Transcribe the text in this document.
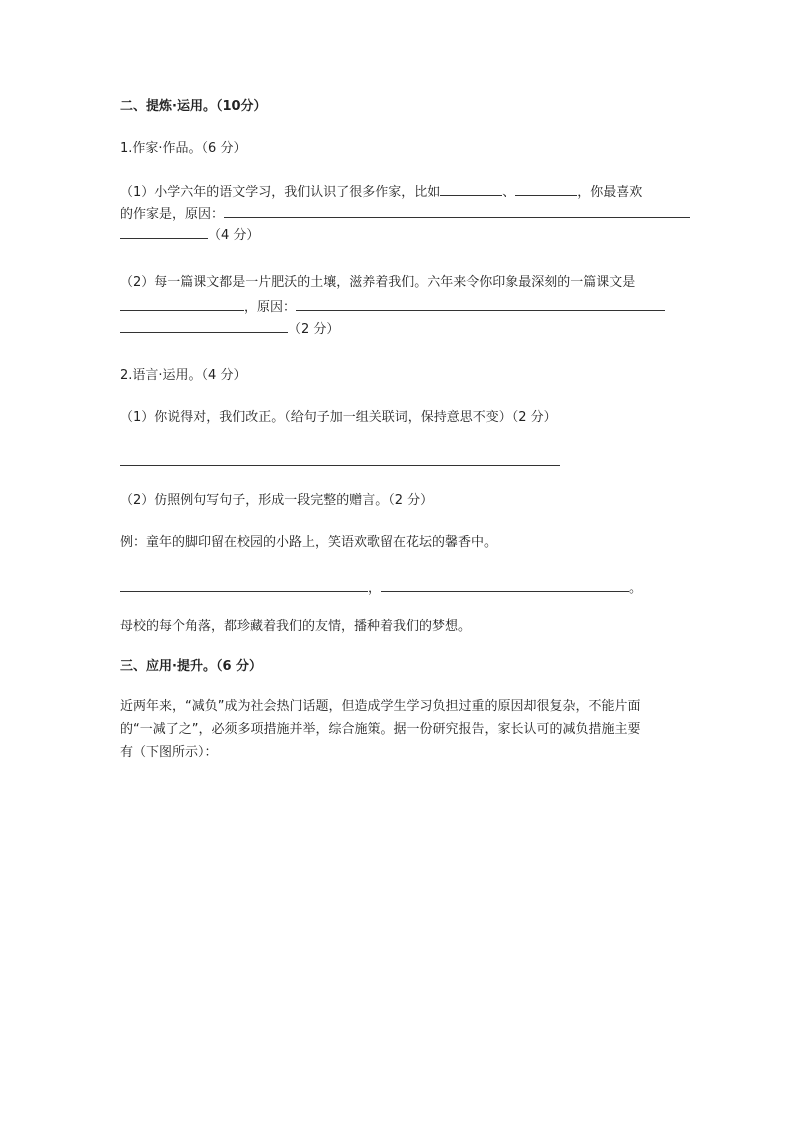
二、提炼·运用。（10分）
1.作家·作品。（6 分）
（1）小学六年的语文学习，我们认识了很多作家，比如	、	，你最喜欢
的作家是，原因：
（4 分）
（2）每一篇课文都是一片肥沃的土壤，滋养着我们。六年来令你印象最深刻的一篇课文是
，原因：
（2 分）
2.语言·运用。（4 分）
（1）你说得对，我们改正。（给句子加一组关联词，保持意思不变）（2 分）
（2）仿照例句写句子，形成一段完整的赠言。（2 分）
例：童年的脚印留在校园的小路上，笑语欢歌留在花坛的馨香中。
，	。
母校的每个角落，都珍藏着我们的友情，播种着我们的梦想。
三、应用·提升。（6 分）
近两年来，“减负”成为社会热门话题，但造成学生学习负担过重的原因却很复杂，不能片面
的“一减了之”，必须多项措施并举，综合施策。据一份研究报告，家长认可的减负措施主要
有（下图所示）：
